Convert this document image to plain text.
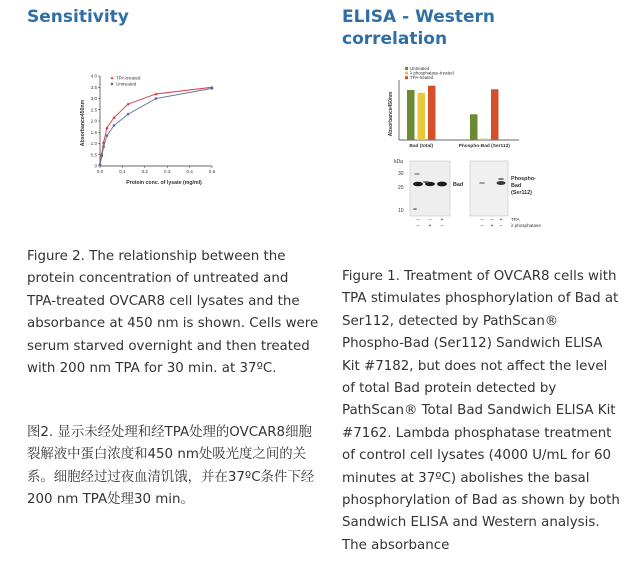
Sensitivity
0.0	0.1	0.2	0.3	0.4	0.5
0
0.5
1.0
1.5
2.0
2.5
3.0
3.5
4.0	TPA-treated
Untreated
Protein conc. of lysate (mg/ml)
Absorbance450nm

Figure 2. The relationship between the protein concentration of untreated and TPA-treated OVCAR8 cell lysates and the absorbance at 450 nm is shown. Cells were serum starved overnight and then treated with 200 nm TPA for 30 min. at 37ºC.

图2. 显示未经处理和经TPA处理的OVCAR8细胞裂解液中蛋白浓度和450 nm处吸光度之间的关系。细胞经过过夜血清饥饿，并在37ºC条件下经200 nm TPA处理30 min。

ELISA - Western
correlation
Bad (total)	Phospho-Bad (Ser112)
Untreated
λ phosphatase-treated
TPA-treated
Absorbance450nm
kDa
30
20
10
Bad
Phospho-
Bad
(Ser112)
– – +	– – +
– + –	– + –
TPA
λ phosphatase

Figure 1. Treatment of OVCAR8 cells with TPA stimulates phosphorylation of Bad at Ser112, detected by PathScan® Phospho-Bad (Ser112) Sandwich ELISA Kit #7182, but does not affect the level of total Bad protein detected by PathScan® Total Bad Sandwich ELISA Kit #7162. Lambda phosphatase treatment of control cell lysates (4000 U/mL for 60 minutes at 37ºC) abolishes the basal phosphorylation of Bad as shown by both Sandwich ELISA and Western analysis. The absorbance
